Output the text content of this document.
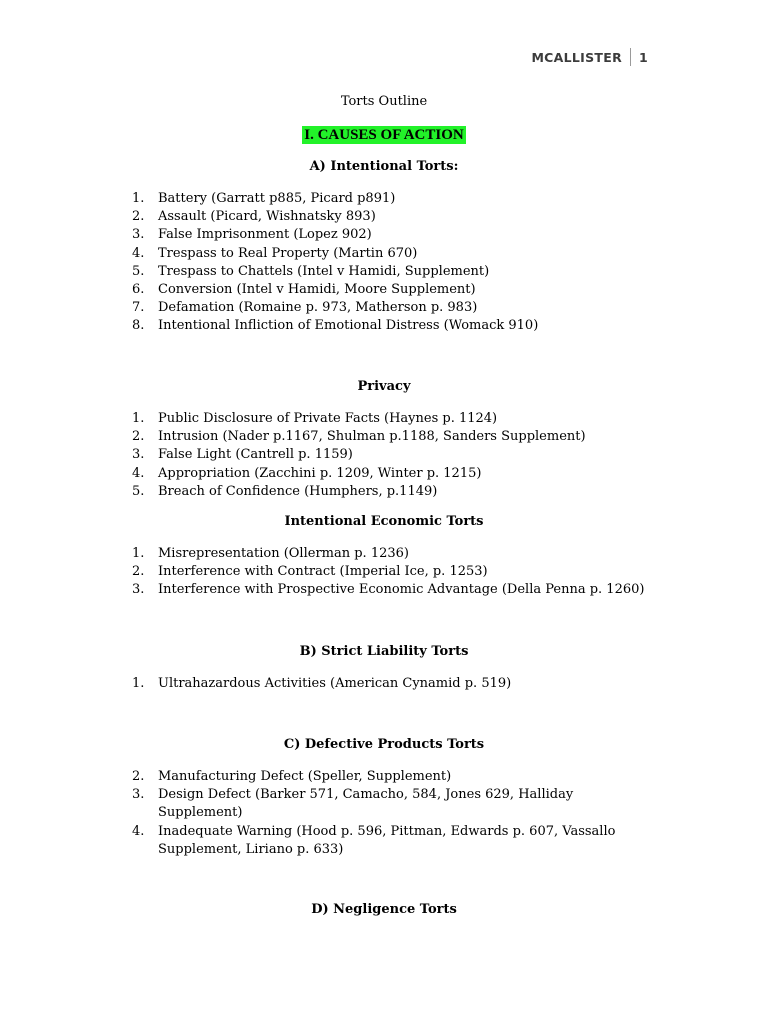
MCALLISTER 1
Torts Outline
I. CAUSES OF ACTION
A) Intentional Torts:
1.	Battery (Garratt p885, Picard p891)
2.	Assault (Picard, Wishnatsky 893)
3.	False Imprisonment (Lopez 902)
4.	Trespass to Real Property (Martin 670)
5.	Trespass to Chattels (Intel v Hamidi, Supplement)
6.	Conversion (Intel v Hamidi, Moore Supplement)
7.	Defamation (Romaine p. 973, Matherson p. 983)
8.	Intentional Infliction of Emotional Distress (Womack 910)
Privacy
1.	Public Disclosure of Private Facts (Haynes p. 1124)
2.	Intrusion (Nader p.1167, Shulman p.1188, Sanders Supplement)
3.	False Light (Cantrell p. 1159)
4.	Appropriation (Zacchini p. 1209, Winter p. 1215)
5.	Breach of Confidence (Humphers, p.1149)
Intentional Economic Torts
1.	Misrepresentation (Ollerman p. 1236)
2.	Interference with Contract (Imperial Ice, p. 1253)
3.	Interference with Prospective Economic Advantage (Della Penna p. 1260)
B) Strict Liability Torts
1.	Ultrahazardous Activities (American Cynamid p. 519)
C) Defective Products Torts
2.	Manufacturing Defect (Speller, Supplement)
3.	Design Defect (Barker 571, Camacho, 584, Jones 629, Halliday Supplement)
4.	Inadequate Warning (Hood p. 596, Pittman, Edwards p. 607, Vassallo Supplement, Liriano p. 633)
D) Negligence Torts
